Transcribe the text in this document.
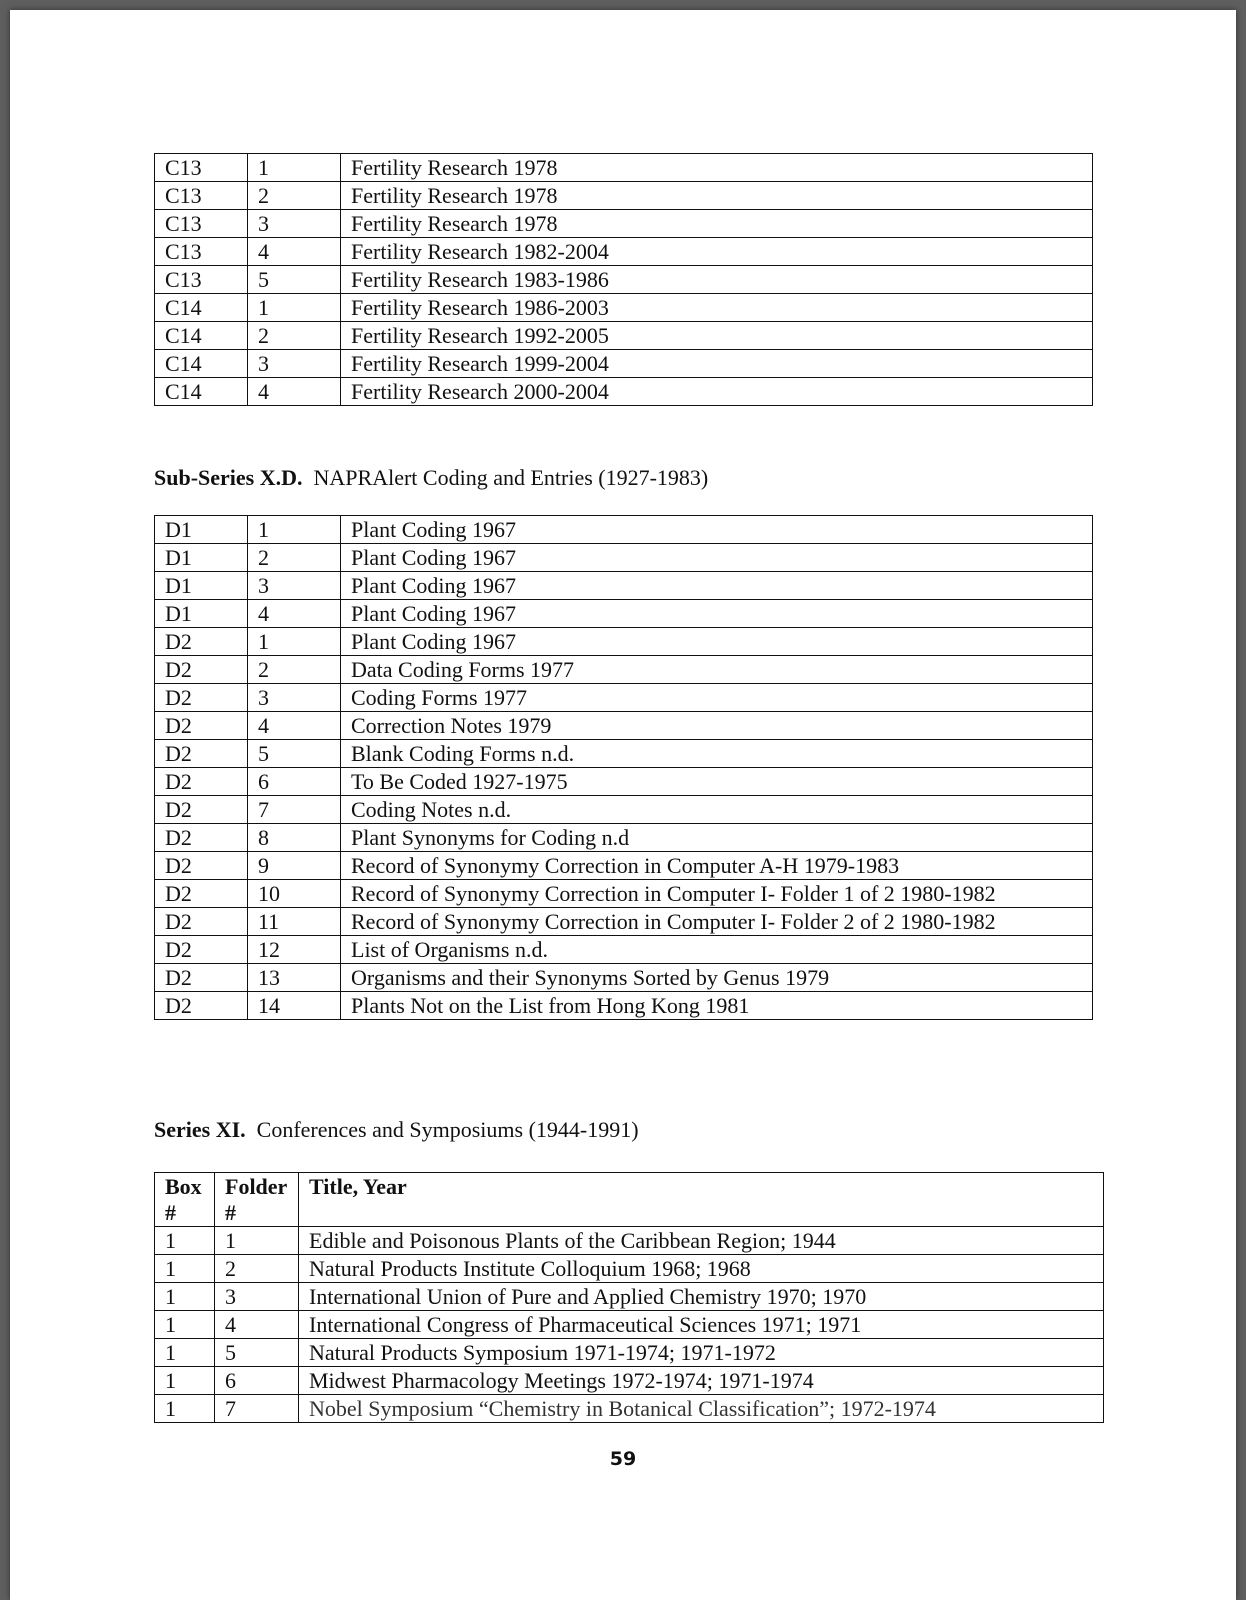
C13	1	Fertility Research 1978
C13	2	Fertility Research 1978
C13	3	Fertility Research 1978
C13	4	Fertility Research 1982-2004
C13	5	Fertility Research 1983-1986
C14	1	Fertility Research 1986-2003
C14	2	Fertility Research 1992-2005
C14	3	Fertility Research 1999-2004
C14	4	Fertility Research 2000-2004
Sub-Series X.D. NAPRAlert Coding and Entries (1927-1983)
D1	1	Plant Coding 1967
D1	2	Plant Coding 1967
D1	3	Plant Coding 1967
D1	4	Plant Coding 1967
D2	1	Plant Coding 1967
D2	2	Data Coding Forms 1977
D2	3	Coding Forms 1977
D2	4	Correction Notes 1979
D2	5	Blank Coding Forms n.d.
D2	6	To Be Coded 1927-1975
D2	7	Coding Notes n.d.
D2	8	Plant Synonyms for Coding n.d
D2	9	Record of Synonymy Correction in Computer A-H 1979-1983
D2	10	Record of Synonymy Correction in Computer I- Folder 1 of 2 1980-1982
D2	11	Record of Synonymy Correction in Computer I- Folder 2 of 2 1980-1982
D2	12	List of Organisms n.d.
D2	13	Organisms and their Synonyms Sorted by Genus 1979
D2	14	Plants Not on the List from Hong Kong 1981
Series XI. Conferences and Symposiums (1944-1991)
Box #	Folder #	Title, Year
1	1	Edible and Poisonous Plants of the Caribbean Region; 1944
1	2	Natural Products Institute Colloquium 1968; 1968
1	3	International Union of Pure and Applied Chemistry 1970; 1970
1	4	International Congress of Pharmaceutical Sciences 1971; 1971
1	5	Natural Products Symposium 1971-1974; 1971-1972
1	6	Midwest Pharmacology Meetings 1972-1974; 1971-1974
1	7	Nobel Symposium “Chemistry in Botanical Classification”; 1972-1974
59
